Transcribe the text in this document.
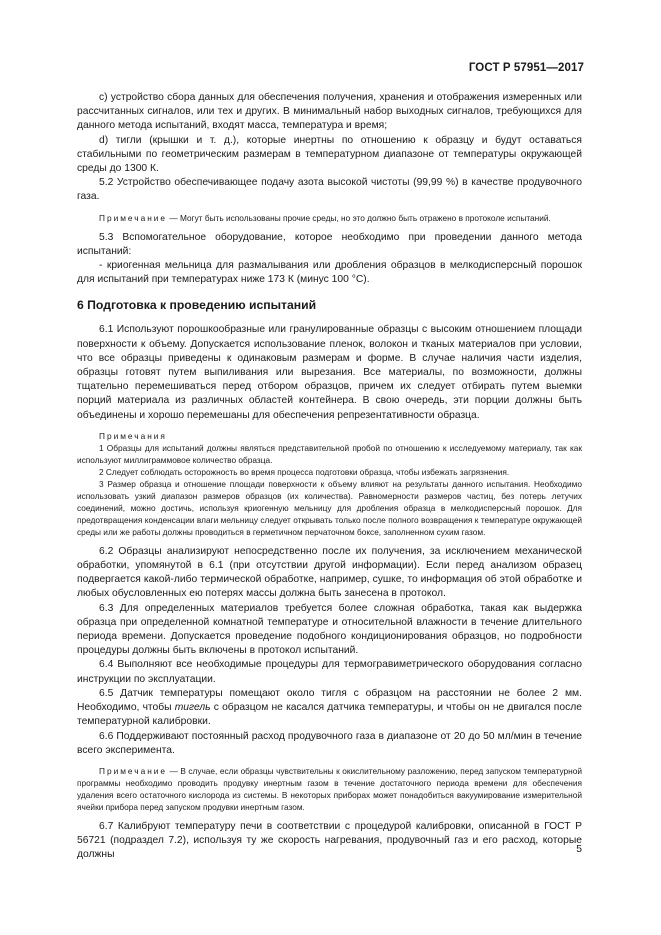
ГОСТ Р 57951—2017

c) устройство сбора данных для обеспечения получения, хранения и отображения измеренных или рассчитанных сигналов, или тех и других. В минимальный набор выходных сигналов, требующихся для данного метода испытаний, входят масса, температура и время;

d) тигли (крышки и т. д.), которые инертны по отношению к образцу и будут оставаться стабильными по геометрическим размерам в температурном диапазоне от температуры окружающей среды до 1300 К.

5.2 Устройство обеспечивающее подачу азота высокой чистоты (99,99 %) в качестве продувочного газа.

Примечание — Могут быть использованы прочие среды, но это должно быть отражено в протоколе испытаний.

5.3 Вспомогательное оборудование, которое необходимо при проведении данного метода испытаний:

- криогенная мельница для размалывания или дробления образцов в мелкодисперсный порошок для испытаний при температурах ниже 173 К (минус 100 °С).

6 Подготовка к проведению испытаний

6.1 Используют порошкообразные или гранулированные образцы с высоким отношением площади поверхности к объему. Допускается использование пленок, волокон и тканых материалов при условии, что все образцы приведены к одинаковым размерам и форме. В случае наличия части изделия, образцы готовят путем выпиливания или вырезания. Все материалы, по возможности, должны тщательно перемешиваться перед отбором образцов, причем их следует отбирать путем выемки порций материала из различных областей контейнера. В свою очередь, эти порции должны быть объединены и хорошо перемешаны для обеспечения репрезентативности образца.

Примечания

1 Образцы для испытаний должны являться представительной пробой по отношению к исследуемому материалу, так как используют миллиграммовое количество образца.

2 Следует соблюдать осторожность во время процесса подготовки образца, чтобы избежать загрязнения.

3 Размер образца и отношение площади поверхности к объему влияют на результаты данного испытания. Необходимо использовать узкий диапазон размеров образцов (их количества). Равномерности размеров частиц, без потерь летучих соединений, можно достичь, используя криогенную мельницу для дробления образца в мелкодисперсный порошок. Для предотвращения конденсации влаги мельницу следует открывать только после полного возвращения к температуре окружающей среды или же работы должны проводиться в герметичном перчаточном боксе, заполненном сухим газом.

6.2 Образцы анализируют непосредственно после их получения, за исключением механической обработки, упомянутой в 6.1 (при отсутствии другой информации). Если перед анализом образец подвергается какой-либо термической обработке, например, сушке, то информация об этой обработке и любых обусловленных ею потерях массы должна быть занесена в протокол.

6.3 Для определенных материалов требуется более сложная обработка, такая как выдержка образца при определенной комнатной температуре и относительной влажности в течение длительного периода времени. Допускается проведение подобного кондиционирования образцов, но подробности процедуры должны быть включены в протокол испытаний.

6.4 Выполняют все необходимые процедуры для термогравиметрического оборудования согласно инструкции по эксплуатации.

6.5 Датчик температуры помещают около тигля с образцом на расстоянии не более 2 мм. Необходимо, чтобы тигель с образцом не касался датчика температуры, и чтобы он не двигался после температурной калибровки.

6.6 Поддерживают постоянный расход продувочного газа в диапазоне от 20 до 50 мл/мин в течение всего эксперимента.

Примечание — В случае, если образцы чувствительны к окислительному разложению, перед запуском температурной программы необходимо проводить продувку инертным газом в течение достаточного периода времени для обеспечения удаления всего остаточного кислорода из системы. В некоторых приборах может понадобиться вакуумирование измерительной ячейки прибора перед запуском продувки инертным газом.

6.7 Калибруют температуру печи в соответствии с процедурой калибровки, описанной в ГОСТ Р 56721 (подраздел 7.2), используя ту же скорость нагревания, продувочный газ и его расход, которые должны	5
